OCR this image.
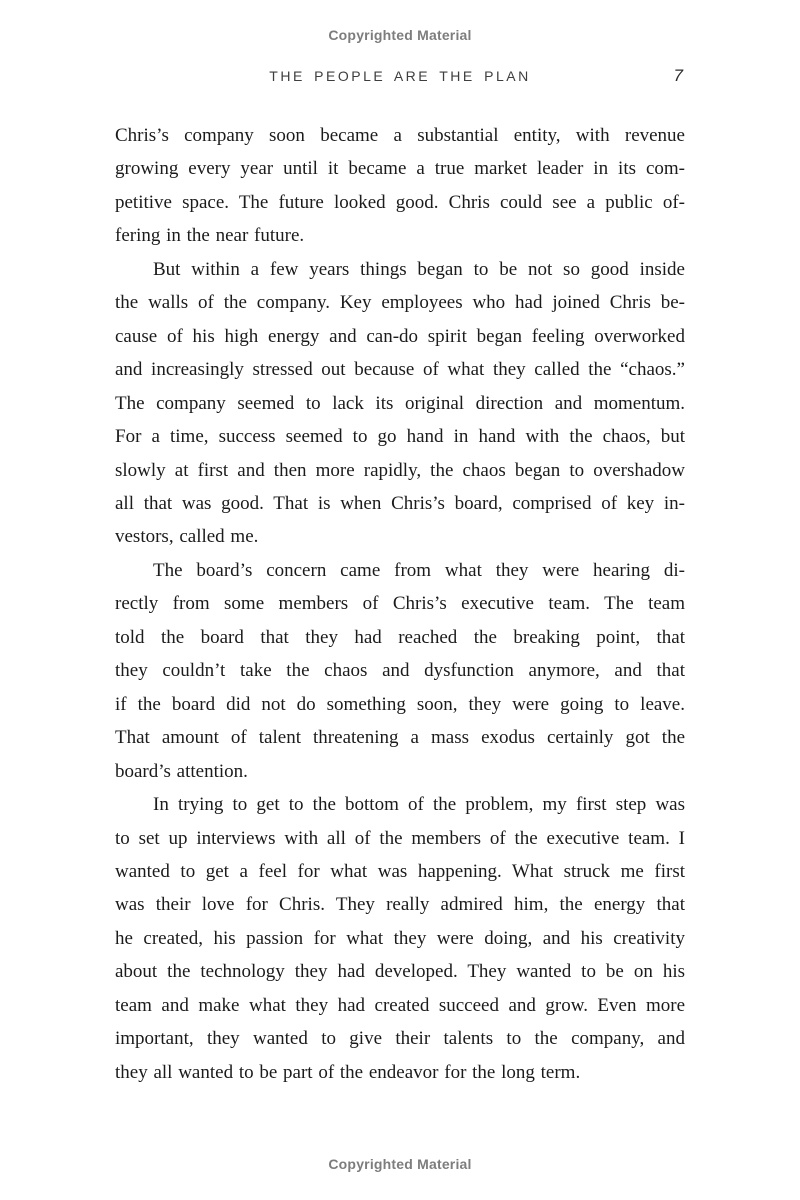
Copyrighted Material
THE PEOPLE ARE THE PLAN	7
Chris’s company soon became a substantial entity, with revenue
growing every year until it became a true market leader in its com-
petitive space. The future looked good. Chris could see a public of-
fering in the near future.
But within a few years things began to be not so good inside
the walls of the company. Key employees who had joined Chris be-
cause of his high energy and can-do spirit began feeling overworked
and increasingly stressed out because of what they called the “chaos.”
The company seemed to lack its original direction and momentum.
For a time, success seemed to go hand in hand with the chaos, but
slowly at first and then more rapidly, the chaos began to overshadow
all that was good. That is when Chris’s board, comprised of key in-
vestors, called me.
The board’s concern came from what they were hearing di-
rectly from some members of Chris’s executive team. The team
told the board that they had reached the breaking point, that
they couldn’t take the chaos and dysfunction anymore, and that
if the board did not do something soon, they were going to leave.
That amount of talent threatening a mass exodus certainly got the
board’s attention.
In trying to get to the bottom of the problem, my first step was
to set up interviews with all of the members of the executive team. I
wanted to get a feel for what was happening. What struck me first
was their love for Chris. They really admired him, the energy that
he created, his passion for what they were doing, and his creativity
about the technology they had developed. They wanted to be on his
team and make what they had created succeed and grow. Even more
important, they wanted to give their talents to the company, and
they all wanted to be part of the endeavor for the long term.
Copyrighted Material
